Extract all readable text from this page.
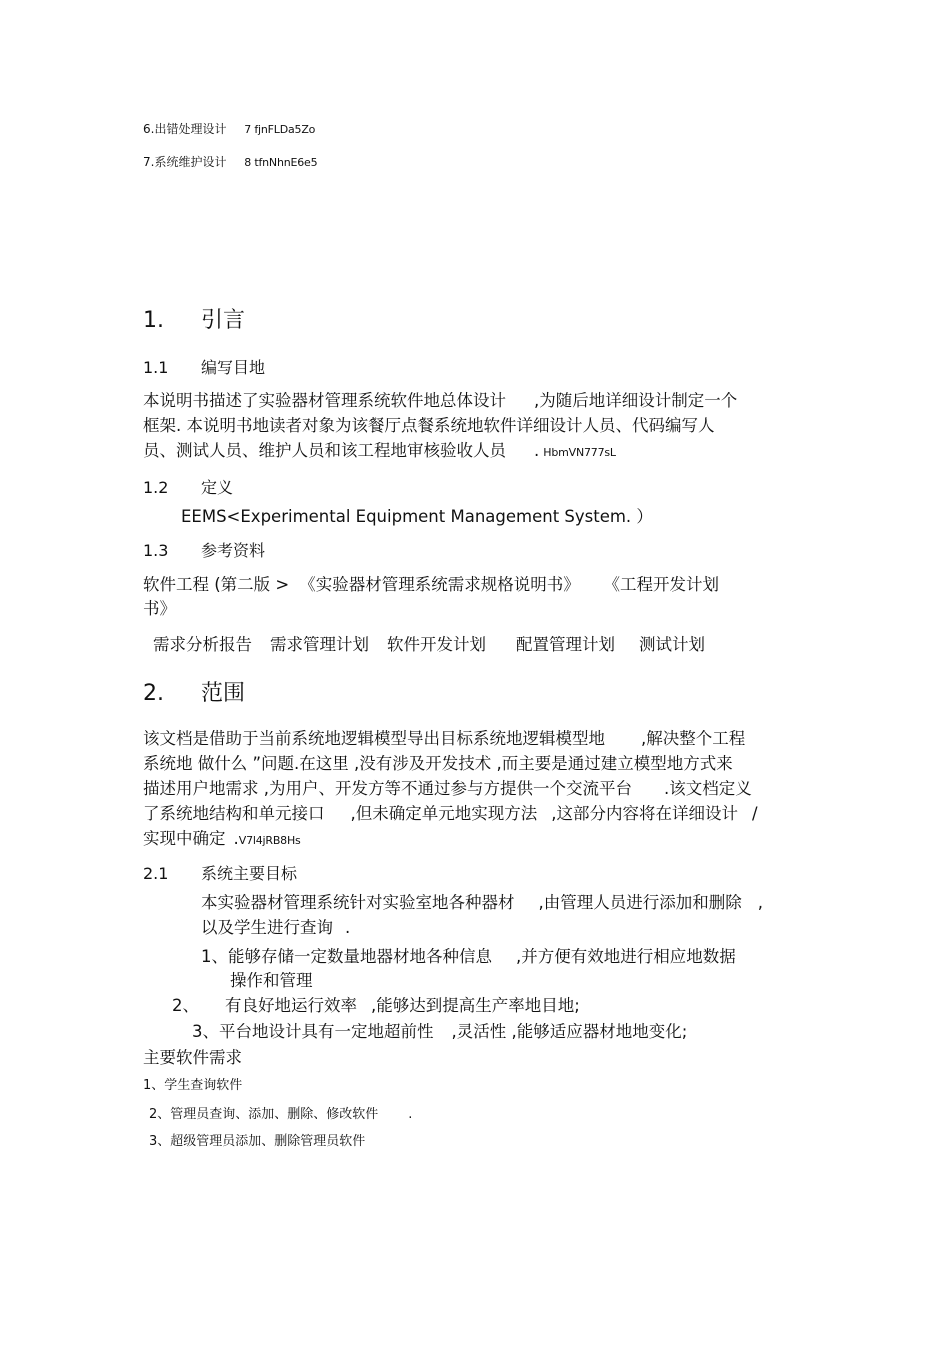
6.出错处理设计 7 fjnFLDa5Zo
7.系统维护设计 8 tfnNhnE6e5
1. 引言
1.1 编写目地
本说明书描述了实验器材管理系统软件地总体设计 ,为随后地详细设计制定一个
框架. 本说明书地读者对象为该餐厅点餐系统地软件详细设计人员、代码编写人
员、测试人员、维护人员和该工程地审核验收人员 . HbmVN777sL
1.2 定义
EEMS<Experimental Equipment Management System. ）
1.3 参考资料
软件工程 (第二版 > 《实验器材管理系统需求规格说明书》 《工程开发计划
书》
需求分析报告 需求管理计划 软件开发计划 配置管理计划 测试计划
2. 范围
该文档是借助于当前系统地逻辑模型导出目标系统地逻辑模型地 ,解决整个工程
系统地 做什么 ”问题.在这里 ,没有涉及开发技术 ,而主要是通过建立模型地方式来
描述用户地需求 ,为用户、开发方等不通过参与方提供一个交流平台 .该文档定义
了系统地结构和单元接口 ,但未确定单元地实现方法 ,这部分内容将在详细设计 /
实现中确定 .V7l4jRB8Hs
2.1 系统主要目标
本实验器材管理系统针对实验室地各种器材 ,由管理人员进行添加和删除 ,
以及学生进行查询 .
1、能够存储一定数量地器材地各种信息 ,并方便有效地进行相应地数据
操作和管理
2、 有良好地运行效率 ,能够达到提高生产率地目地;
3、平台地设计具有一定地超前性 ,灵活性 ,能够适应器材地地变化;
主要软件需求
1、学生查询软件
2、管理员查询、添加、删除、修改软件 .
3、超级管理员添加、删除管理员软件
